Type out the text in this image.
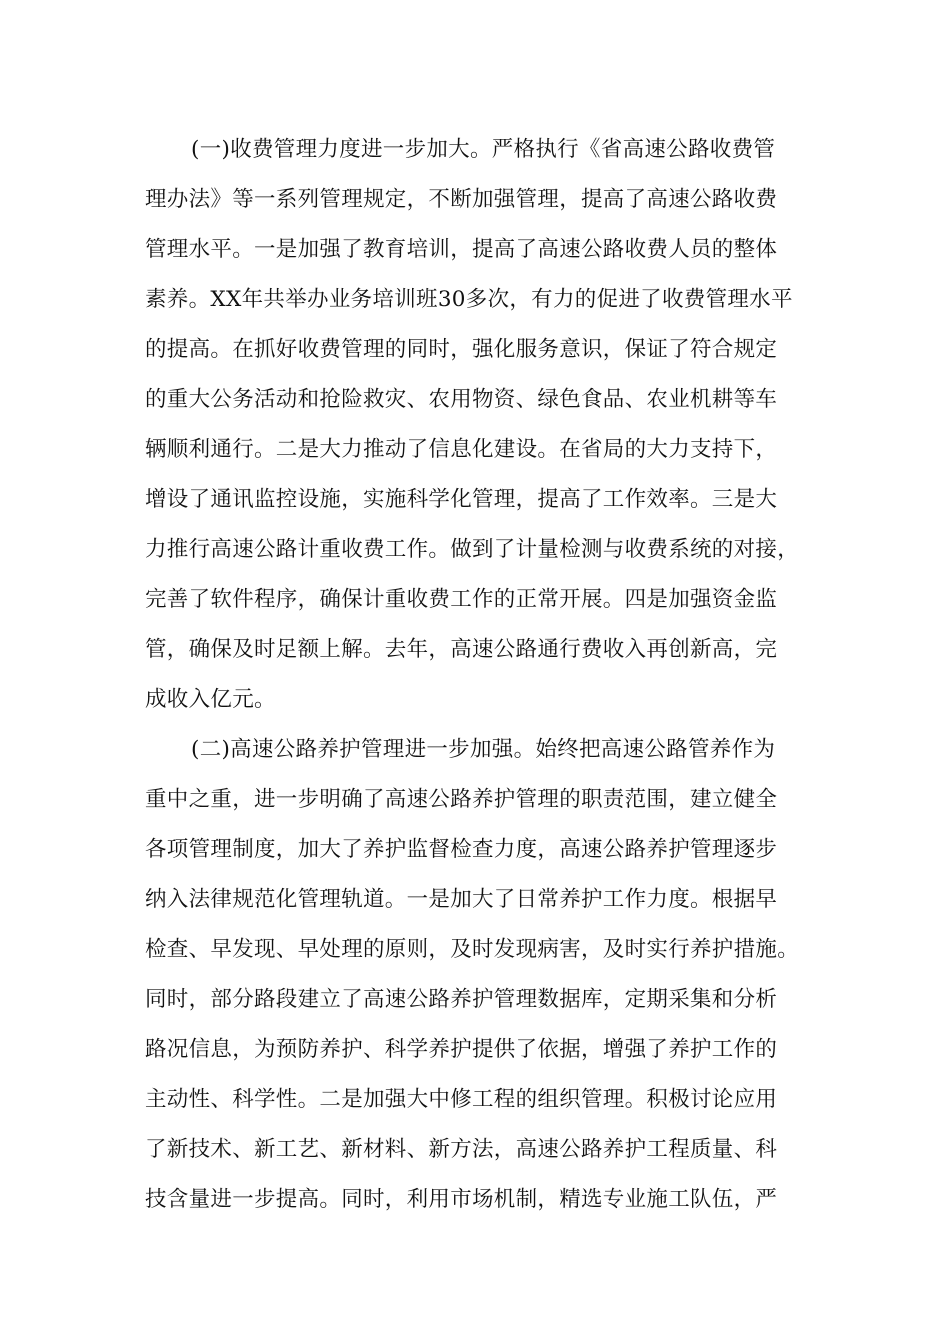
(一)收费管理力度进一步加大。严格执行《省高速公路收费管
理办法》等一系列管理规定，不断加强管理，提高了高速公路收费
管理水平。一是加强了教育培训，提高了高速公路收费人员的整体
素养。XX年共举办业务培训班30多次，有力的促进了收费管理水平
的提高。在抓好收费管理的同时，强化服务意识，保证了符合规定
的重大公务活动和抢险救灾、农用物资、绿色食品、农业机耕等车
辆顺利通行。二是大力推动了信息化建设。在省局的大力支持下，
增设了通讯监控设施，实施科学化管理，提高了工作效率。三是大
力推行高速公路计重收费工作。做到了计量检测与收费系统的对接，
完善了软件程序，确保计重收费工作的正常开展。四是加强资金监
管，确保及时足额上解。去年，高速公路通行费收入再创新高，完
成收入亿元。
(二)高速公路养护管理进一步加强。始终把高速公路管养作为
重中之重，进一步明确了高速公路养护管理的职责范围，建立健全
各项管理制度，加大了养护监督检查力度，高速公路养护管理逐步
纳入法律规范化管理轨道。一是加大了日常养护工作力度。根据早
检查、早发现、早处理的原则，及时发现病害，及时实行养护措施。
同时，部分路段建立了高速公路养护管理数据库，定期采集和分析
路况信息，为预防养护、科学养护提供了依据，增强了养护工作的
主动性、科学性。二是加强大中修工程的组织管理。积极讨论应用
了新技术、新工艺、新材料、新方法，高速公路养护工程质量、科
技含量进一步提高。同时，利用市场机制，精选专业施工队伍，严
